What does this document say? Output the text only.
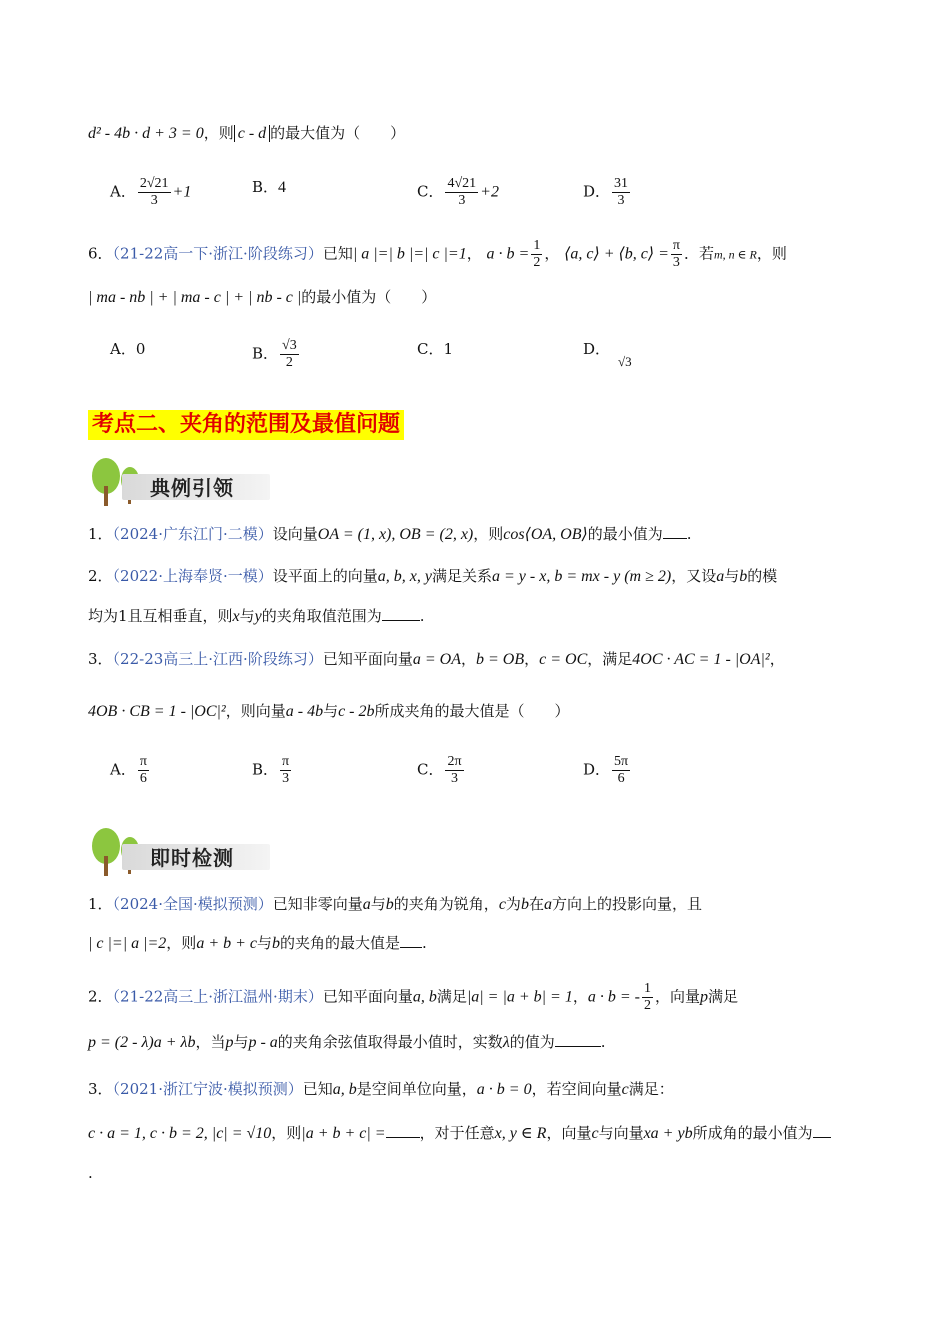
d² - 4b · d + 3 = 0，则 c - d 的最大值为（　　）
A． $\frac{2√21}{3} +1$	B．4	C． $\frac{4√21}{3} +2$	D． $\frac{31}{3}$
6．（21-22高一下·浙江·阶段练习）已知| a |=| b |=| c |=1， $a \cdot b = \frac{1}{2}$ ， ⟨a, c⟩ + ⟨b, c⟩ = $\frac{\pi}{3}$ ．若m, n ∈ R，则
| ma - nb | + | ma - c | + | nb - c |的最小值为（　　）
A．0	B． $\frac{√3}{2}$	C．1	D．√3
考点二、夹角的范围及最值问题
典例引领
1．（2024·广东江门·二模）设向量OA = (1, x), OB = (2, x)，则cos⟨OA, OB⟩的最小值为 .
2．（2022·上海奉贤·一模）设平面上的向量a, b, x, y满足关系a = y - x, b = mx - y (m ≥ 2)，又设a与b的模
均为1且互相垂直，则x与y的夹角取值范围为	.
3．（22-23高三上·江西·阶段练习）已知平面向量a = OA，b = OB，c = OC，满足4OC · AC = 1 - |OA|²，
4OB · CB = 1 - |OC|²，则向量a - 4b与c - 2b所成夹角的最大值是（　　）
A． $\frac{\pi}{6}$	B． $\frac{\pi}{3}$	C． $\frac{2\pi}{3}$	D． $\frac{5\pi}{6}$
即时检测
1．（2024·全国·模拟预测）已知非零向量a与b的夹角为锐角，c为b在a方向上的投影向量，且
| c |=| a |=2，则a + b + c与b的夹角的最大值是 .
2．（21-22高三上·浙江温州·期末）已知平面向量a, b满足|a| = |a + b| = 1，a · b = - $\frac{1}{2}$ ，向量p满足
p = (2 - λ)a + λb，当p与p - a的夹角余弦值取得最小值时，实数λ的值为	.
3．（2021·浙江宁波·模拟预测）已知a, b是空间单位向量，a · b = 0，若空间向量c满足：
c · a = 1, c · b = 2, |c| = √10，则|a + b + c| = ，对于任意x, y ∈ R，向量c与向量xa + yb所成角的最小值为
.
